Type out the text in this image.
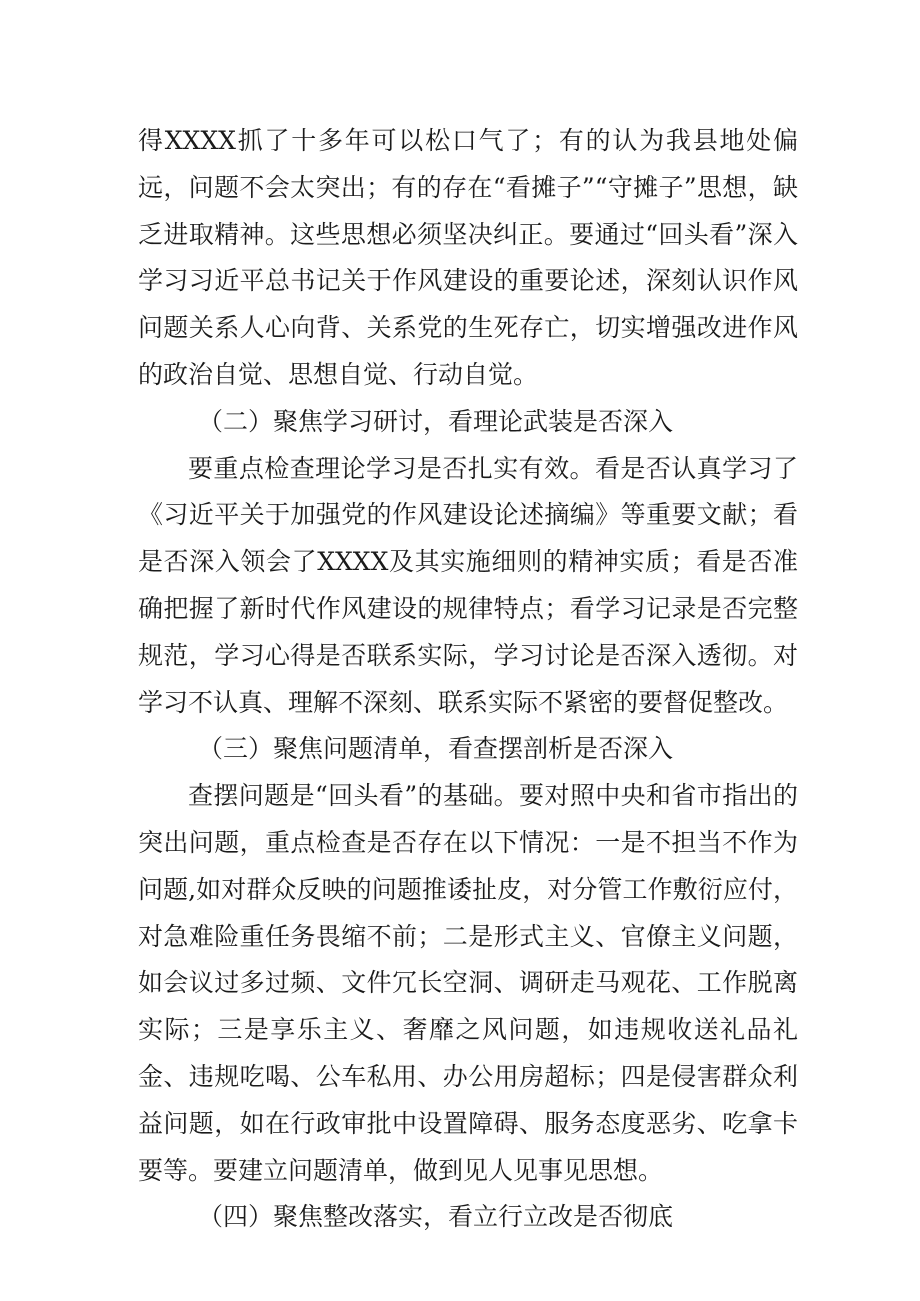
得XXXX抓了十多年可以松口气了；有的认为我县地处偏远，问题不会太突出；有的存在“看摊子”“守摊子”思想，缺乏进取精神。这些思想必须坚决纠正。要通过“回头看”深入学习习近平总书记关于作风建设的重要论述，深刻认识作风问题关系人心向背、关系党的生死存亡，切实增强改进作风的政治自觉、思想自觉、行动自觉。

（二）聚焦学习研讨，看理论武装是否深入

要重点检查理论学习是否扎实有效。看是否认真学习了《习近平关于加强党的作风建设论述摘编》等重要文献；看是否深入领会了XXXX及其实施细则的精神实质；看是否准确把握了新时代作风建设的规律特点；看学习记录是否完整规范，学习心得是否联系实际，学习讨论是否深入透彻。对学习不认真、理解不深刻、联系实际不紧密的要督促整改。

（三）聚焦问题清单，看查摆剖析是否深入

查摆问题是“回头看”的基础。要对照中央和省市指出的突出问题，重点检查是否存在以下情况：一是不担当不作为问题,如对群众反映的问题推诿扯皮，对分管工作敷衍应付，对急难险重任务畏缩不前；二是形式主义、官僚主义问题，如会议过多过频、文件冗长空洞、调研走马观花、工作脱离实际；三是享乐主义、奢靡之风问题，如违规收送礼品礼金、违规吃喝、公车私用、办公用房超标；四是侵害群众利益问题，如在行政审批中设置障碍、服务态度恶劣、吃拿卡要等。要建立问题清单，做到见人见事见思想。

（四）聚焦整改落实，看立行立改是否彻底
